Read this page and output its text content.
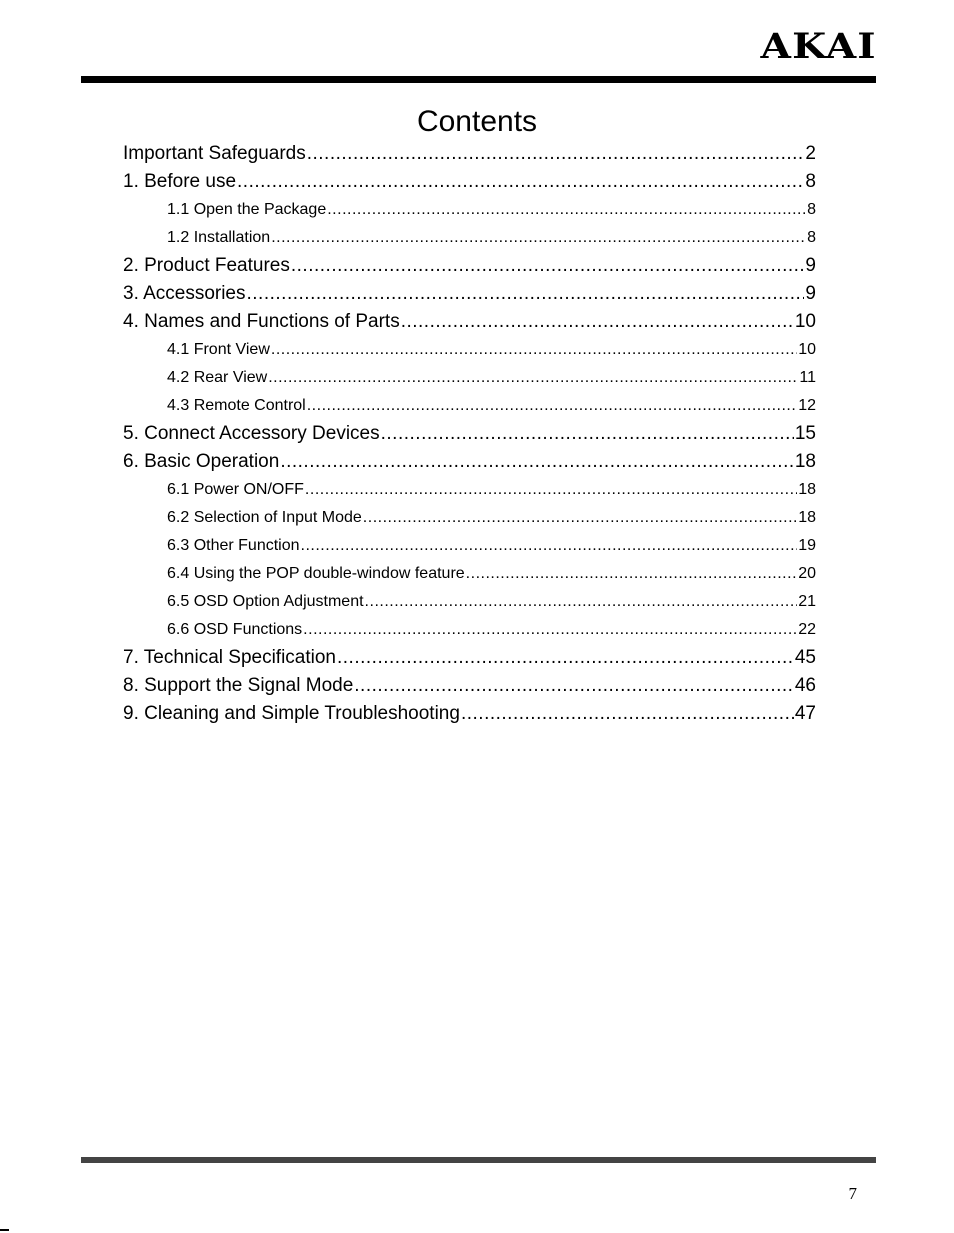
AKAI
Contents
Important Safeguards .....	2
1. Before use .....	8
1.1 Open the Package .....	8
1.2 Installation .....	8
2. Product Features .....	9
3. Accessories .....	9
4. Names and Functions of Parts .....	10
4.1 Front View .....	10
4.2 Rear View .....	11
4.3 Remote Control .....	12
5. Connect Accessory Devices .....	15
6. Basic Operation .....	18
6.1 Power ON/OFF .....	18
6.2 Selection of Input Mode .....	18
6.3 Other Function .....	19
6.4 Using the POP double-window feature .....	20
6.5 OSD Option Adjustment .....	21
6.6 OSD Functions .....	22
7. Technical Specification .....	45
8. Support the Signal Mode .....	46
9. Cleaning and Simple Troubleshooting .....	47
7
